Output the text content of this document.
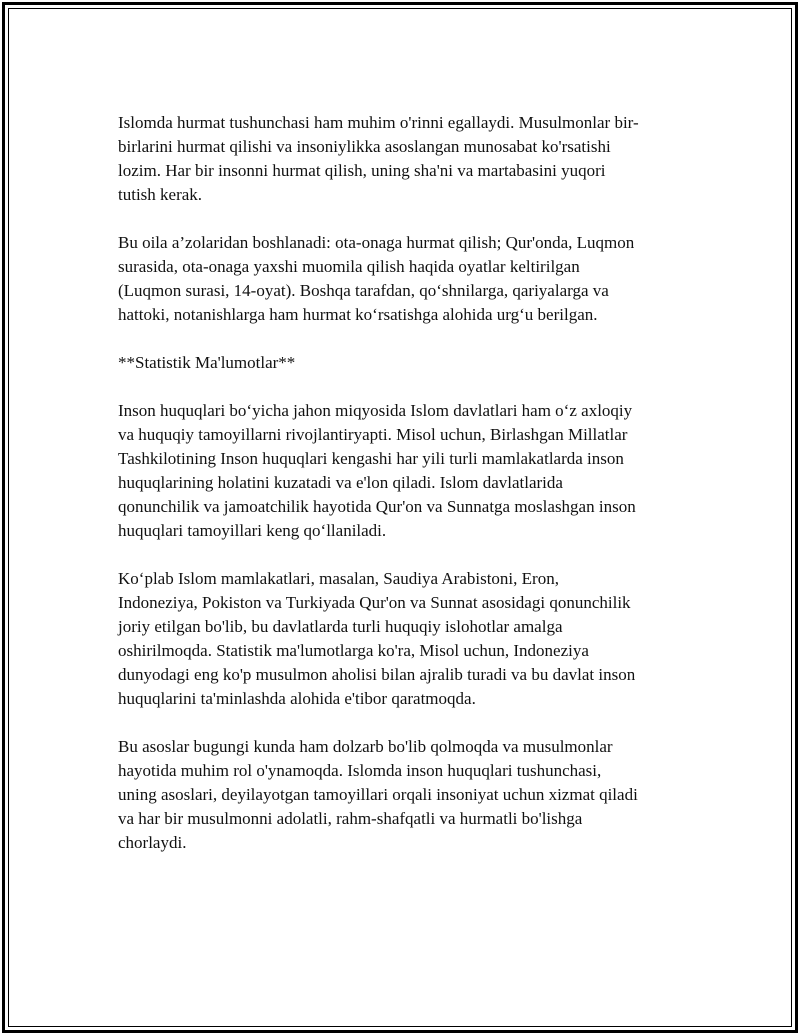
Islomda hurmat tushunchasi ham muhim o'rinni egallaydi. Musulmonlar bir-
birlarini hurmat qilishi va insoniylikka asoslangan munosabat ko'rsatishi
lozim. Har bir insonni hurmat qilish, uning sha'ni va martabasini yuqori
tutish kerak.

Bu oila a’zolaridan boshlanadi: ota-onaga hurmat qilish; Qur'onda, Luqmon
surasida, ota-onaga yaxshi muomila qilish haqida oyatlar keltirilgan
(Luqmon surasi, 14-oyat). Boshqa tarafdan, qo‘shnilarga, qariyalarga va
hattoki, notanishlarga ham hurmat ko‘rsatishga alohida urg‘u berilgan.

**Statistik Ma'lumotlar**

Inson huquqlari bo‘yicha jahon miqyosida Islom davlatlari ham o‘z axloqiy
va huquqiy tamoyillarni rivojlantiryapti. Misol uchun, Birlashgan Millatlar
Tashkilotining Inson huquqlari kengashi har yili turli mamlakatlarda inson
huquqlarining holatini kuzatadi va e'lon qiladi. Islom davlatlarida
qonunchilik va jamoatchilik hayotida Qur'on va Sunnatga moslashgan inson
huquqlari tamoyillari keng qo‘llaniladi.

Ko‘plab Islom mamlakatlari, masalan, Saudiya Arabistoni, Eron,
Indoneziya, Pokiston va Turkiyada Qur'on va Sunnat asosidagi qonunchilik
joriy etilgan bo'lib, bu davlatlarda turli huquqiy islohotlar amalga
oshirilmoqda. Statistik ma'lumotlarga ko'ra, Misol uchun, Indoneziya
dunyodagi eng ko'p musulmon aholisi bilan ajralib turadi va bu davlat inson
huquqlarini ta'minlashda alohida e'tibor qaratmoqda.

Bu asoslar bugungi kunda ham dolzarb bo'lib qolmoqda va musulmonlar
hayotida muhim rol o'ynamoqda. Islomda inson huquqlari tushunchasi,
uning asoslari, deyilayotgan tamoyillari orqali insoniyat uchun xizmat qiladi
va har bir musulmonni adolatli, rahm-shafqatli va hurmatli bo'lishga
chorlaydi.
